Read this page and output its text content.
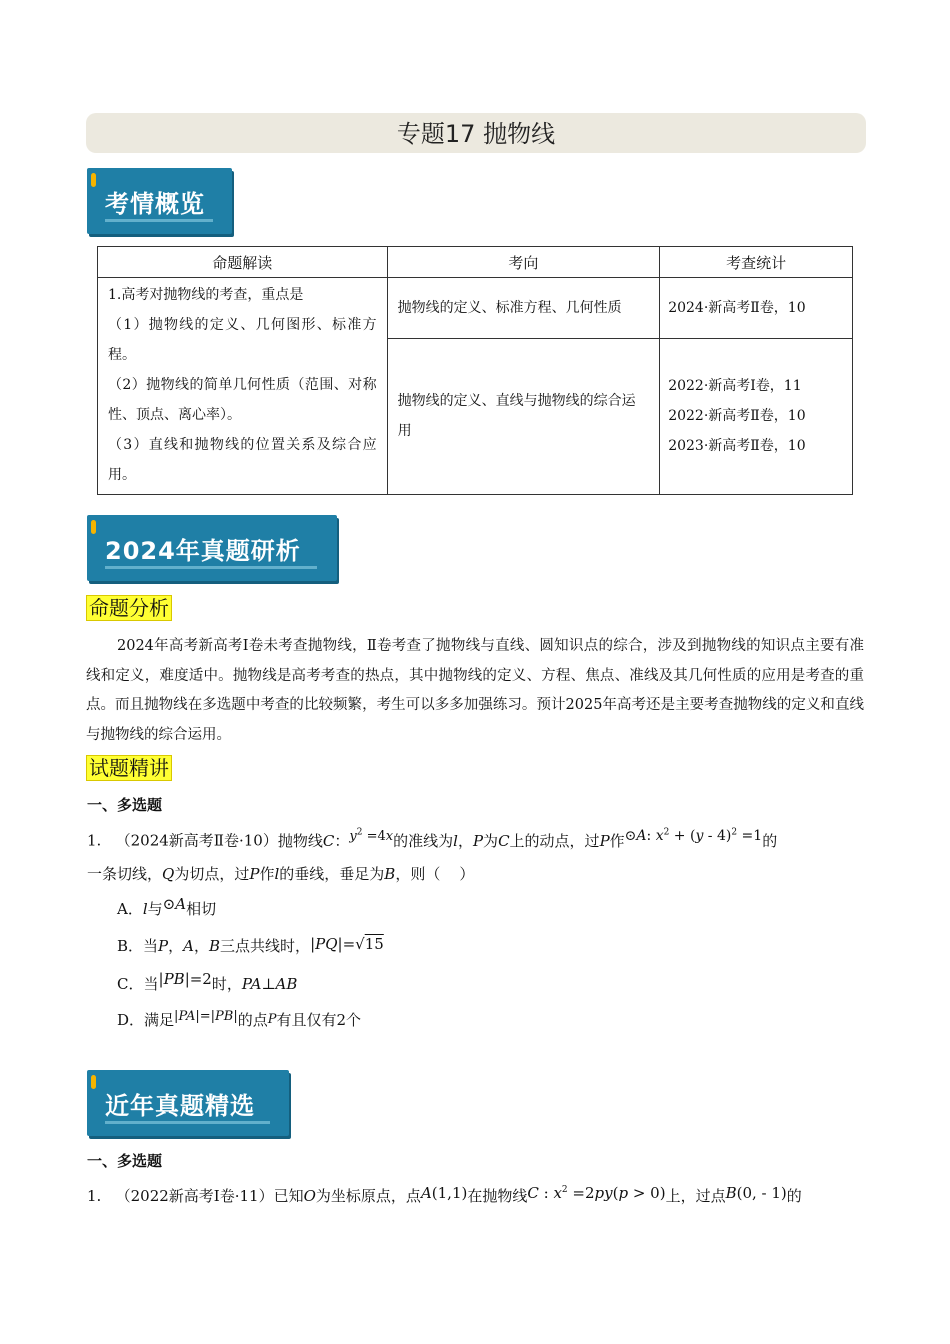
专题17 抛物线
考情概览
命题解读	考向	考查统计

1.高考对抛物线的考查，重点是
（1）抛物线的定义、几何图形、标准方程。
（2）抛物线的简单几何性质（范围、对称性、顶点、离心率）。
（3）直线和抛物线的位置关系及综合应用。	抛物线的定义、标准方程、几何性质	2024·新高考Ⅱ卷，10

	抛物线的定义、直线与抛物线的综合运用	2022·新高考Ⅰ卷，11
2022·新高考Ⅱ卷，10
2023·新高考Ⅱ卷，10
2024年真题研析
命题分析
2024年高考新高考Ⅰ卷未考查抛物线，Ⅱ卷考查了抛物线与直线、圆知识点的综合，涉及到抛物线的知识点主要有准线和定义，难度适中。抛物线是高考考查的热点，其中抛物线的定义、方程、焦点、准线及其几何性质的应用是考查的重点。而且抛物线在多选题中考查的比较频繁，考生可以多多加强练习。预计2025年高考还是主要考查抛物线的定义和直线与抛物线的综合运用。
试题精讲
一、多选题
1. （2024新高考Ⅱ卷·10）抛物线C：$y^2 =4x$的准线为l，P为C上的动点，过P作⊙A: $x^2 + (y - 4)^2 =1$的
一条切线，Q为切点，过P作l的垂线，垂足为B，则（    ）
A．l与⊙A相切
B．当P，A，B三点共线时，|PQ|=√15
C．当|PB|=2时，PA⊥AB
D．满足|PA|=|PB|的点P有且仅有2个
近年真题精选
一、多选题
1. （2022新高考Ⅰ卷·11）已知O为坐标原点，点A(1,1)在抛物线C : $x^2 =2py(p > 0)$上，过点B(0, - 1)的
